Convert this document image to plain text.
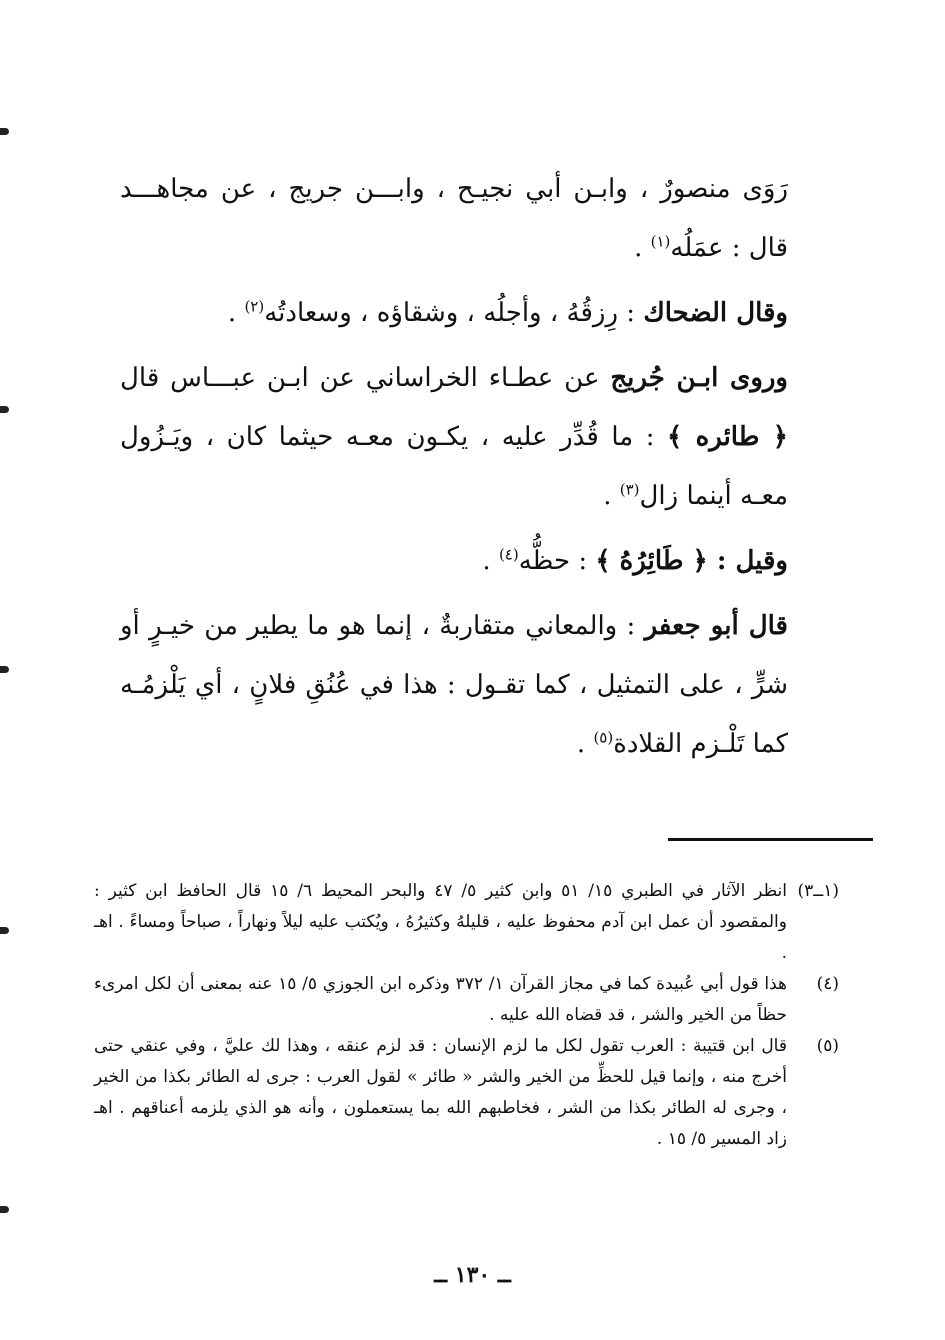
رَوَى منصورٌ ، وابـن أبي نجيـح ، وابـــن جريج ، عن مجاهـــد قال : عمَلُه$^{(١)}$ .

وقال الضحاك : رِزقُهُ ، وأجلُه ، وشقاؤه ، وسعادتُه$^{(٢)}$ .

وروى ابـن جُريج عن عطـاء الخراساني عن ابـن عبـــاس قال ﴿ طائره ﴾ : ما قُدِّر عليه ، يكـون معـه حيثما كان ، ويَـزُول معـه أينما زال$^{(٣)}$ .

وقيل : ﴿ طَائِرُهُ ﴾ : حظُّه$^{(٤)}$ .

قال أبو جعفر : والمعاني متقاربةٌ ، إنما هو ما يطير من خيـرٍ أو شرٍّ ، على التمثيل ، كما تقـول : هذا في عُنُقِ فلانٍ ، أي يَلْزمُـه كما تَلْـزم القلادة$^{(٥)}$ .

(١ــ٣)
انظر الآثار في الطبري ١٥/ ٥١ وابن كثير ٥/ ٤٧ والبحر المحيط ٦/ ١٥ قال الحافظ ابن كثير : والمقصود أن عمل ابن آدم محفوظ عليه ، قليلهُ وكثيرُهُ ، ويُكتب عليه ليلاً ونهاراً ، صباحاً ومساءً . اهـ .
(٤)
هذا قول أبي عُبيدة كما في مجاز القرآن ١/ ٣٧٢ وذكره ابن الجوزي ٥/ ١٥ عنه بمعنى أن لكل امرىء حظاً من الخير والشر ، قد قضاه الله عليه .
(٥)
قال ابن قتيبة : العرب تقول لكل ما لزم الإنسان : قد لزم عنقه ، وهذا لك عليَّ ، وفي عنقي حتى أخرج منه ، وإنما قيل للحظِّ من الخير والشر « طائر » لقول العرب : جرى له الطائر بكذا من الخير ، وجرى له الطائر بكذا من الشر ، فخاطبهم الله بما يستعملون ، وأنه هو الذي يلزمه أعناقهم . اهـ زاد المسير ٥/ ١٥ .
ــ ١٣٠ ــ
